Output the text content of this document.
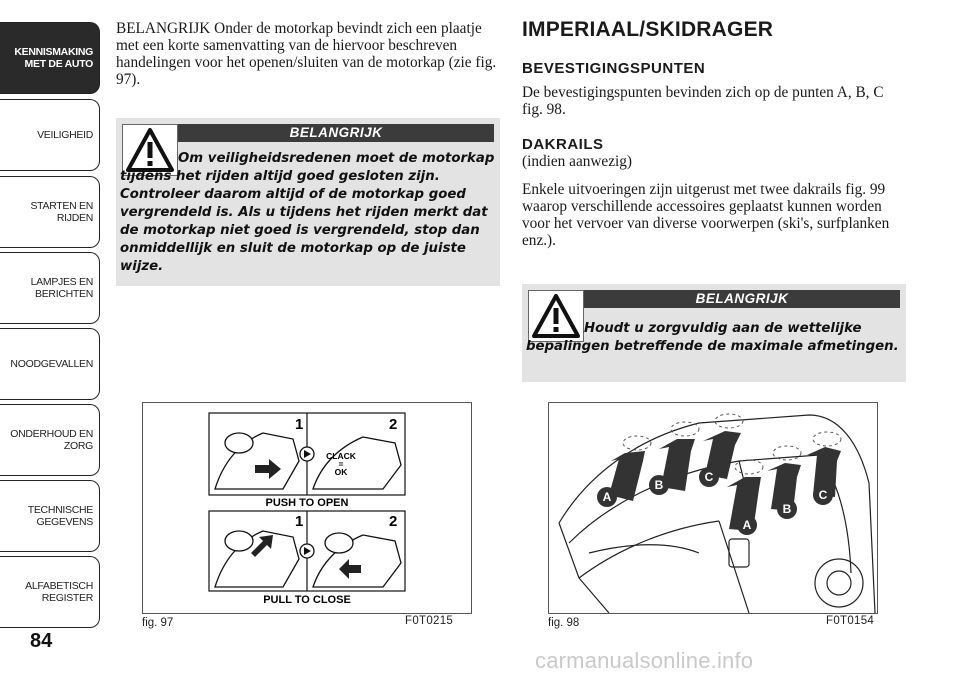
KENNISMAKING
MET DE AUTO
VEILIGHEID
STARTEN EN RIJDEN
LAMPJES EN
BERICHTEN
NOODGEVALLEN
ONDERHOUD EN
ZORG
TECHNISCHE
GEGEVENS
ALFABETISCH
REGISTER
84

BELANGRIJK Onder de motorkap bevindt zich een plaatje met een korte samenvatting van de hiervoor beschreven handelingen voor het openen/sluiten van de motorkap (zie fig. 97).

BELANGRIJK
Om veiligheidsredenen moet de motorkap tijdens het rijden altijd goed gesloten zijn. Controleer daarom altijd of de motorkap goed vergrendeld is. Als u tijdens het rijden merkt dat de motorkap niet goed is vergrendeld, stop dan onmiddellijk en sluit de motorkap op de juiste wijze.
1	2
1	2
CLACK
=
OK
PUSH TO OPEN
PULL TO CLOSE
fig. 97	F0T0215
IMPERIAAL/SKIDRAGER
BEVESTIGINGSPUNTEN

De bevestigingspunten bevinden zich op de punten A, B, C fig. 98.

DAKRAILS

(indien aanwezig)

Enkele uitvoeringen zijn uitgerust met twee dakrails fig. 99 waarop verschillende accessoires geplaatst kunnen worden voor het vervoer van diverse voorwerpen (ski's, surfplanken enz.).

BELANGRIJK
Houdt u zorgvuldig aan de wettelijke bepalingen betreffende de maximale afmetingen.
A
B
C
A
B
C
fig. 98	F0T0154
carmanualsonline.info
